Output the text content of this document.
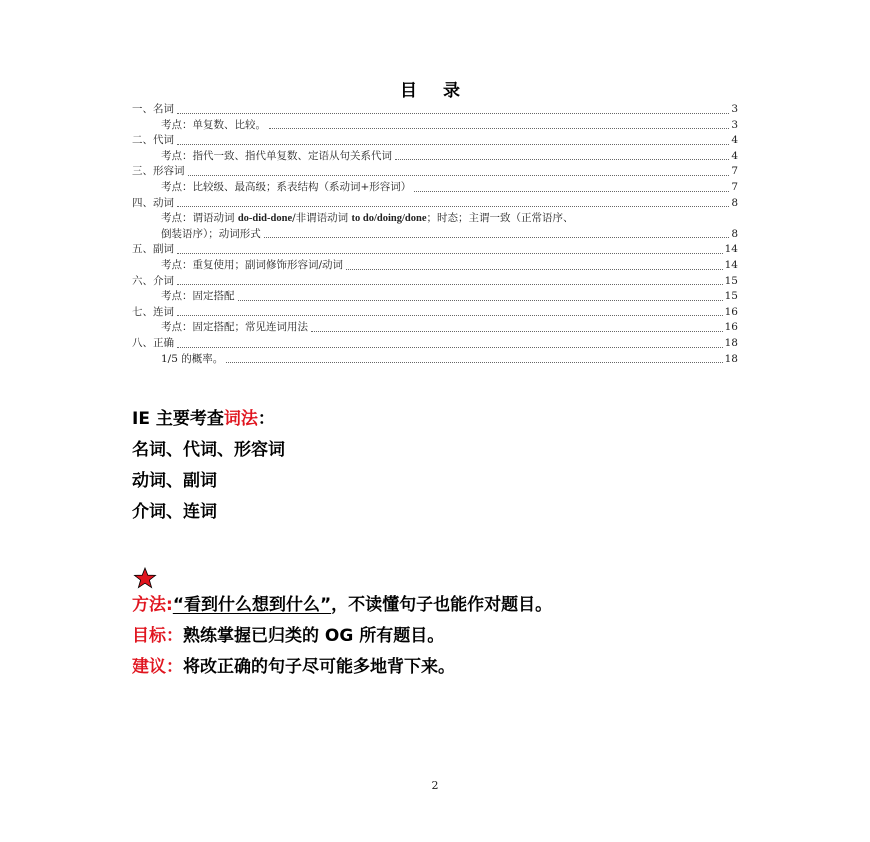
目 录
一、名词	3
考点：单复数、比较。	3
二、代词	4
考点：指代一致、指代单复数、定语从句关系代词	4
三、形容词	7
考点：比较级、最高级；系表结构（系动词+形容词）	7
四、动词	8
考点：谓语动词 do-did-done/非谓语动词 to do/doing/done；时态；主谓一致（正常语序、
倒装语序）；动词形式	8
五、副词	14
考点：重复使用；副词修饰形容词/动词	14
六、介词	15
考点：固定搭配	15
七、连词	16
考点：固定搭配；常见连词用法	16
八、正确	18
1/5 的概率。	18
IE 主要考查词法：
名词、代词、形容词
动词、副词
介词、连词
方法:“看到什么想到什么”，不读懂句子也能作对题目。
目标：熟练掌握已归类的 OG 所有题目。
建议：将改正确的句子尽可能多地背下来。
2
